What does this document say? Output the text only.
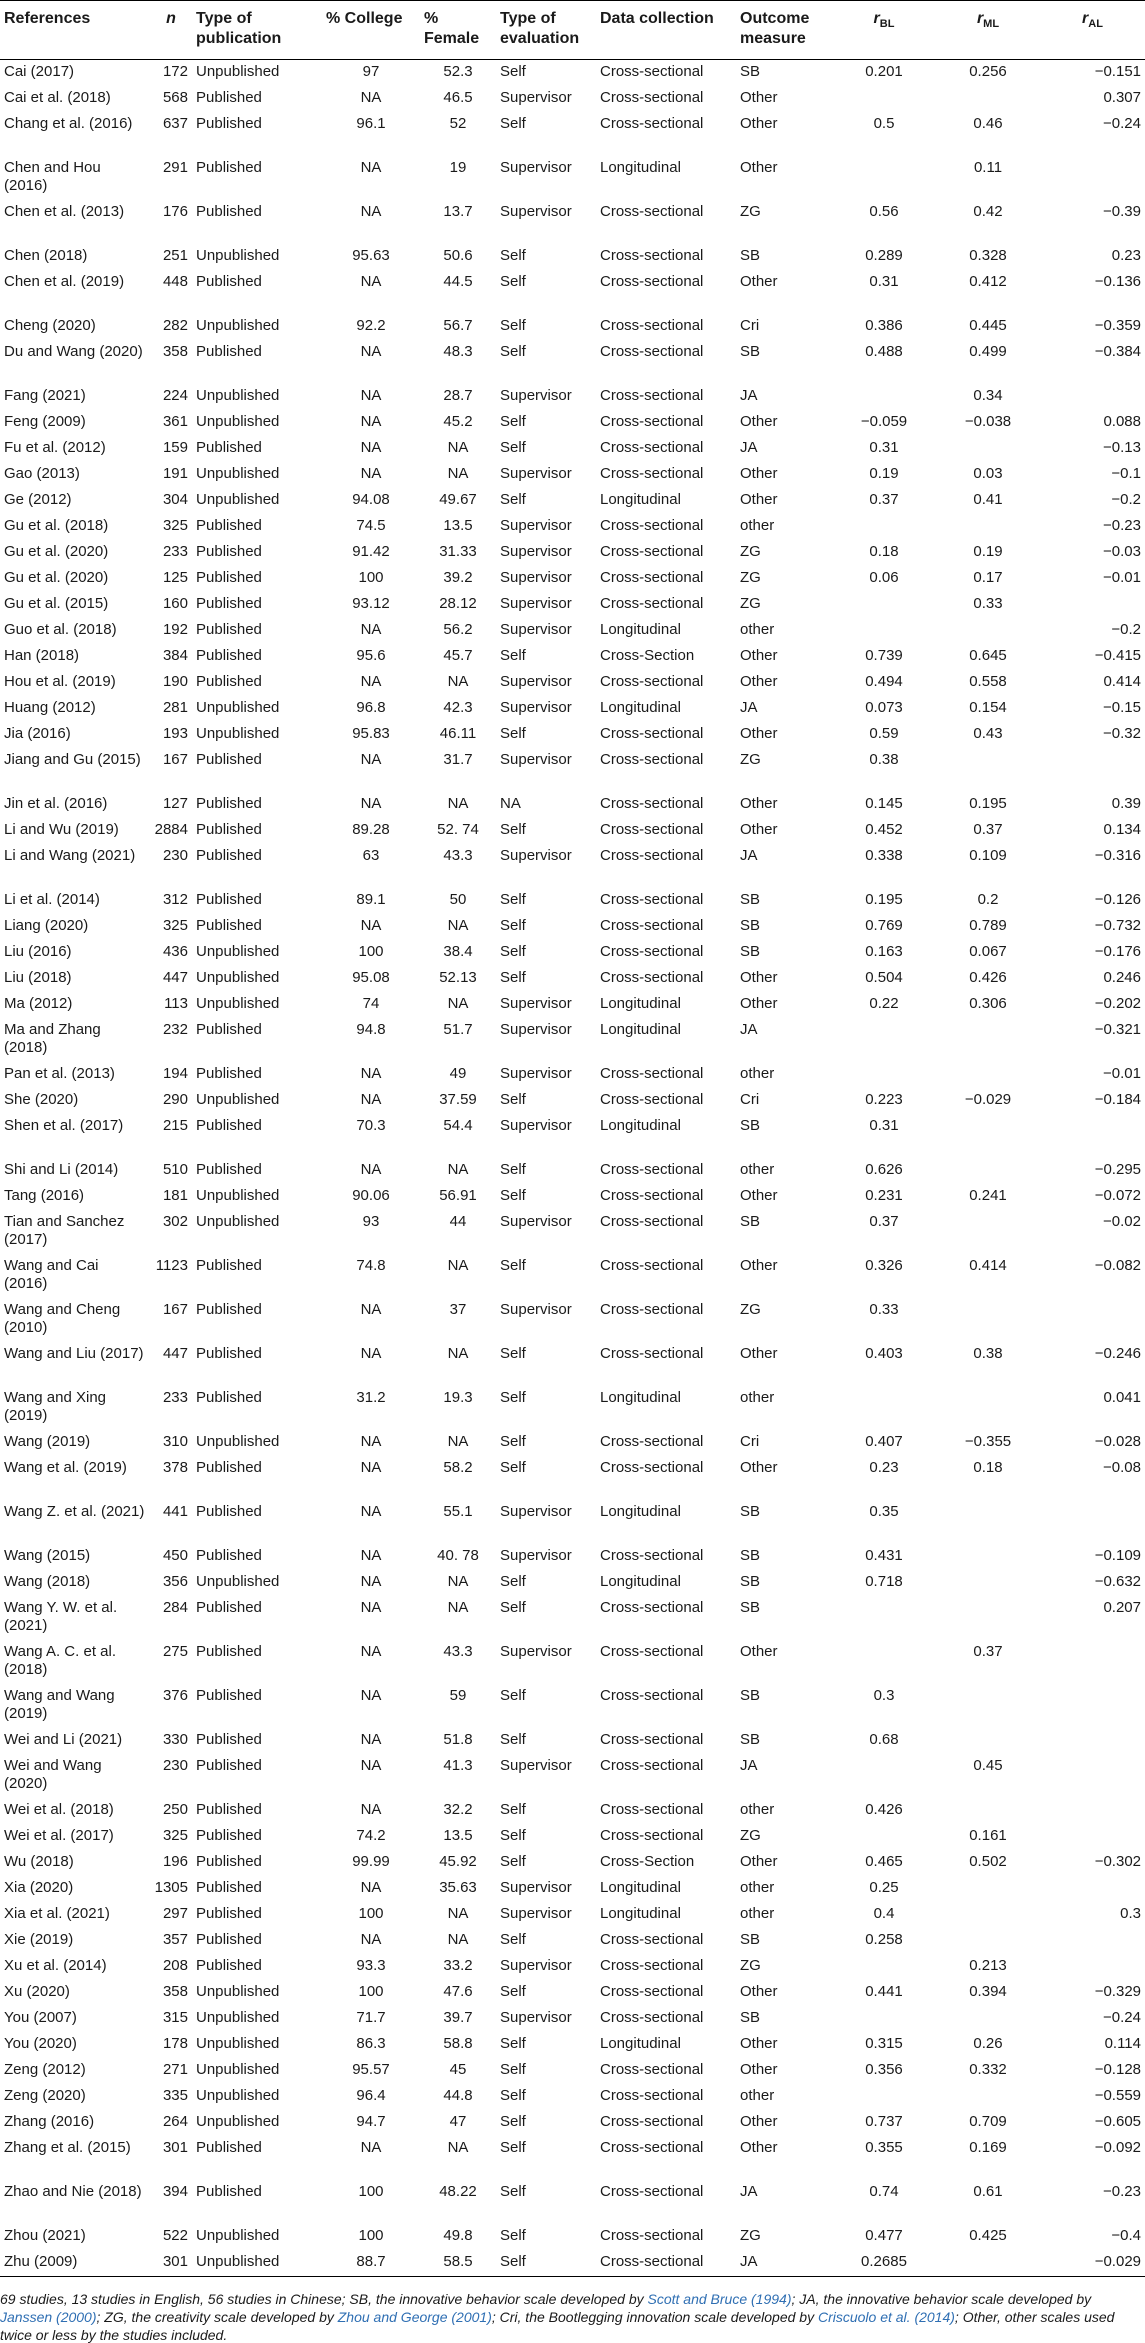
References	n	Type of publication	% College	% Female	Type of evaluation	Data collection	Outcome measure	$r_{BL}$	$r_{ML}$	$r_{AL}$
Cai (2017)	172	Unpublished	97	52.3	Self	Cross-sectional	SB	0.201	0.256	−0.151
Cai et al. (2018)	568	Published	NA	46.5	Supervisor	Cross-sectional	Other			0.307
Chang et al. (2016)	637	Published	96.1	52	Self	Cross-sectional	Other	0.5	0.46	−0.24
Chen and Hou (2016)	291	Published	NA	19	Supervisor	Longitudinal	Other		0.11	
Chen et al. (2013)	176	Published	NA	13.7	Supervisor	Cross-sectional	ZG	0.56	0.42	−0.39
Chen (2018)	251	Unpublished	95.63	50.6	Self	Cross-sectional	SB	0.289	0.328	0.23
Chen et al. (2019)	448	Published	NA	44.5	Self	Cross-sectional	Other	0.31	0.412	−0.136
Cheng (2020)	282	Unpublished	92.2	56.7	Self	Cross-sectional	Cri	0.386	0.445	−0.359
Du and Wang (2020)	358	Published	NA	48.3	Self	Cross-sectional	SB	0.488	0.499	−0.384
Fang (2021)	224	Unpublished	NA	28.7	Supervisor	Cross-sectional	JA		0.34	
Feng (2009)	361	Unpublished	NA	45.2	Self	Cross-sectional	Other	−0.059	−0.038	0.088
Fu et al. (2012)	159	Published	NA	NA	Self	Cross-sectional	JA	0.31		−0.13
Gao (2013)	191	Unpublished	NA	NA	Supervisor	Cross-sectional	Other	0.19	0.03	−0.1
Ge (2012)	304	Unpublished	94.08	49.67	Self	Longitudinal	Other	0.37	0.41	−0.2
Gu et al. (2018)	325	Published	74.5	13.5	Supervisor	Cross-sectional	other			−0.23
Gu et al. (2020)	233	Published	91.42	31.33	Supervisor	Cross-sectional	ZG	0.18	0.19	−0.03
Gu et al. (2020)	125	Published	100	39.2	Supervisor	Cross-sectional	ZG	0.06	0.17	−0.01
Gu et al. (2015)	160	Published	93.12	28.12	Supervisor	Cross-sectional	ZG		0.33	
Guo et al. (2018)	192	Published	NA	56.2	Supervisor	Longitudinal	other			−0.2
Han (2018)	384	Published	95.6	45.7	Self	Cross-Section	Other	0.739	0.645	−0.415
Hou et al. (2019)	190	Published	NA	NA	Supervisor	Cross-sectional	Other	0.494	0.558	0.414
Huang (2012)	281	Unpublished	96.8	42.3	Supervisor	Longitudinal	JA	0.073	0.154	−0.15
Jia (2016)	193	Unpublished	95.83	46.11	Self	Cross-sectional	Other	0.59	0.43	−0.32
Jiang and Gu (2015)	167	Published	NA	31.7	Supervisor	Cross-sectional	ZG	0.38		
Jin et al. (2016)	127	Published	NA	NA	NA	Cross-sectional	Other	0.145	0.195	0.39
Li and Wu (2019)	2884	Published	89.28	52. 74	Self	Cross-sectional	Other	0.452	0.37	0.134
Li and Wang (2021)	230	Published	63	43.3	Supervisor	Cross-sectional	JA	0.338	0.109	−0.316
Li et al. (2014)	312	Published	89.1	50	Self	Cross-sectional	SB	0.195	0.2	−0.126
Liang (2020)	325	Published	NA	NA	Self	Cross-sectional	SB	0.769	0.789	−0.732
Liu (2016)	436	Unpublished	100	38.4	Self	Cross-sectional	SB	0.163	0.067	−0.176
Liu (2018)	447	Unpublished	95.08	52.13	Self	Cross-sectional	Other	0.504	0.426	0.246
Ma (2012)	113	Unpublished	74	NA	Supervisor	Longitudinal	Other	0.22	0.306	−0.202
Ma and Zhang (2018)	232	Published	94.8	51.7	Supervisor	Longitudinal	JA			−0.321
Pan et al. (2013)	194	Published	NA	49	Supervisor	Cross-sectional	other			−0.01
She (2020)	290	Unpublished	NA	37.59	Self	Cross-sectional	Cri	0.223	−0.029	−0.184
Shen et al. (2017)	215	Published	70.3	54.4	Supervisor	Longitudinal	SB	0.31		
Shi and Li (2014)	510	Published	NA	NA	Self	Cross-sectional	other	0.626		−0.295
Tang (2016)	181	Unpublished	90.06	56.91	Self	Cross-sectional	Other	0.231	0.241	−0.072
Tian and Sanchez (2017)	302	Unpublished	93	44	Supervisor	Cross-sectional	SB	0.37		−0.02
Wang and Cai (2016)	1123	Published	74.8	NA	Self	Cross-sectional	Other	0.326	0.414	−0.082
Wang and Cheng (2010)	167	Published	NA	37	Supervisor	Cross-sectional	ZG	0.33		
Wang and Liu (2017)	447	Published	NA	NA	Self	Cross-sectional	Other	0.403	0.38	−0.246
Wang and Xing (2019)	233	Published	31.2	19.3	Self	Longitudinal	other			0.041
Wang (2019)	310	Unpublished	NA	NA	Self	Cross-sectional	Cri	0.407	−0.355	−0.028
Wang et al. (2019)	378	Published	NA	58.2	Self	Cross-sectional	Other	0.23	0.18	−0.08
Wang Z. et al. (2021)	441	Published	NA	55.1	Supervisor	Longitudinal	SB	0.35		
Wang (2015)	450	Published	NA	40. 78	Supervisor	Cross-sectional	SB	0.431		−0.109
Wang (2018)	356	Unpublished	NA	NA	Self	Longitudinal	SB	0.718		−0.632
Wang Y. W. et al. (2021)	284	Published	NA	NA	Self	Cross-sectional	SB			0.207
Wang A. C. et al. (2018)	275	Published	NA	43.3	Supervisor	Cross-sectional	Other		0.37	
Wang and Wang (2019)	376	Published	NA	59	Self	Cross-sectional	SB	0.3		
Wei and Li (2021)	330	Published	NA	51.8	Self	Cross-sectional	SB	0.68		
Wei and Wang (2020)	230	Published	NA	41.3	Supervisor	Cross-sectional	JA		0.45	
Wei et al. (2018)	250	Published	NA	32.2	Self	Cross-sectional	other	0.426		
Wei et al. (2017)	325	Published	74.2	13.5	Self	Cross-sectional	ZG		0.161	
Wu (2018)	196	Published	99.99	45.92	Self	Cross-Section	Other	0.465	0.502	−0.302
Xia (2020)	1305	Published	NA	35.63	Supervisor	Longitudinal	other	0.25		
Xia et al. (2021)	297	Published	100	NA	Supervisor	Longitudinal	other	0.4		0.3
Xie (2019)	357	Published	NA	NA	Self	Cross-sectional	SB	0.258		
Xu et al. (2014)	208	Published	93.3	33.2	Supervisor	Cross-sectional	ZG		0.213	
Xu (2020)	358	Unpublished	100	47.6	Self	Cross-sectional	Other	0.441	0.394	−0.329
You (2007)	315	Unpublished	71.7	39.7	Supervisor	Cross-sectional	SB			−0.24
You (2020)	178	Unpublished	86.3	58.8	Self	Longitudinal	Other	0.315	0.26	0.114
Zeng (2012)	271	Unpublished	95.57	45	Self	Cross-sectional	Other	0.356	0.332	−0.128
Zeng (2020)	335	Unpublished	96.4	44.8	Self	Cross-sectional	other			−0.559
Zhang (2016)	264	Unpublished	94.7	47	Self	Cross-sectional	Other	0.737	0.709	−0.605
Zhang et al. (2015)	301	Published	NA	NA	Self	Cross-sectional	Other	0.355	0.169	−0.092
Zhao and Nie (2018)	394	Published	100	48.22	Self	Cross-sectional	JA	0.74	0.61	−0.23
Zhou (2021)	522	Unpublished	100	49.8	Self	Cross-sectional	ZG	0.477	0.425	−0.4
Zhu (2009)	301	Unpublished	88.7	58.5	Self	Cross-sectional	JA	0.2685		−0.029
69 studies, 13 studies in English, 56 studies in Chinese; SB, the innovative behavior scale developed by Scott and Bruce (1994); JA, the innovative behavior scale developed by Janssen (2000); ZG, the creativity scale developed by Zhou and George (2001); Cri, the Bootlegging innovation scale developed by Criscuolo et al. (2014); Other, other scales used twice or less by the studies included.
